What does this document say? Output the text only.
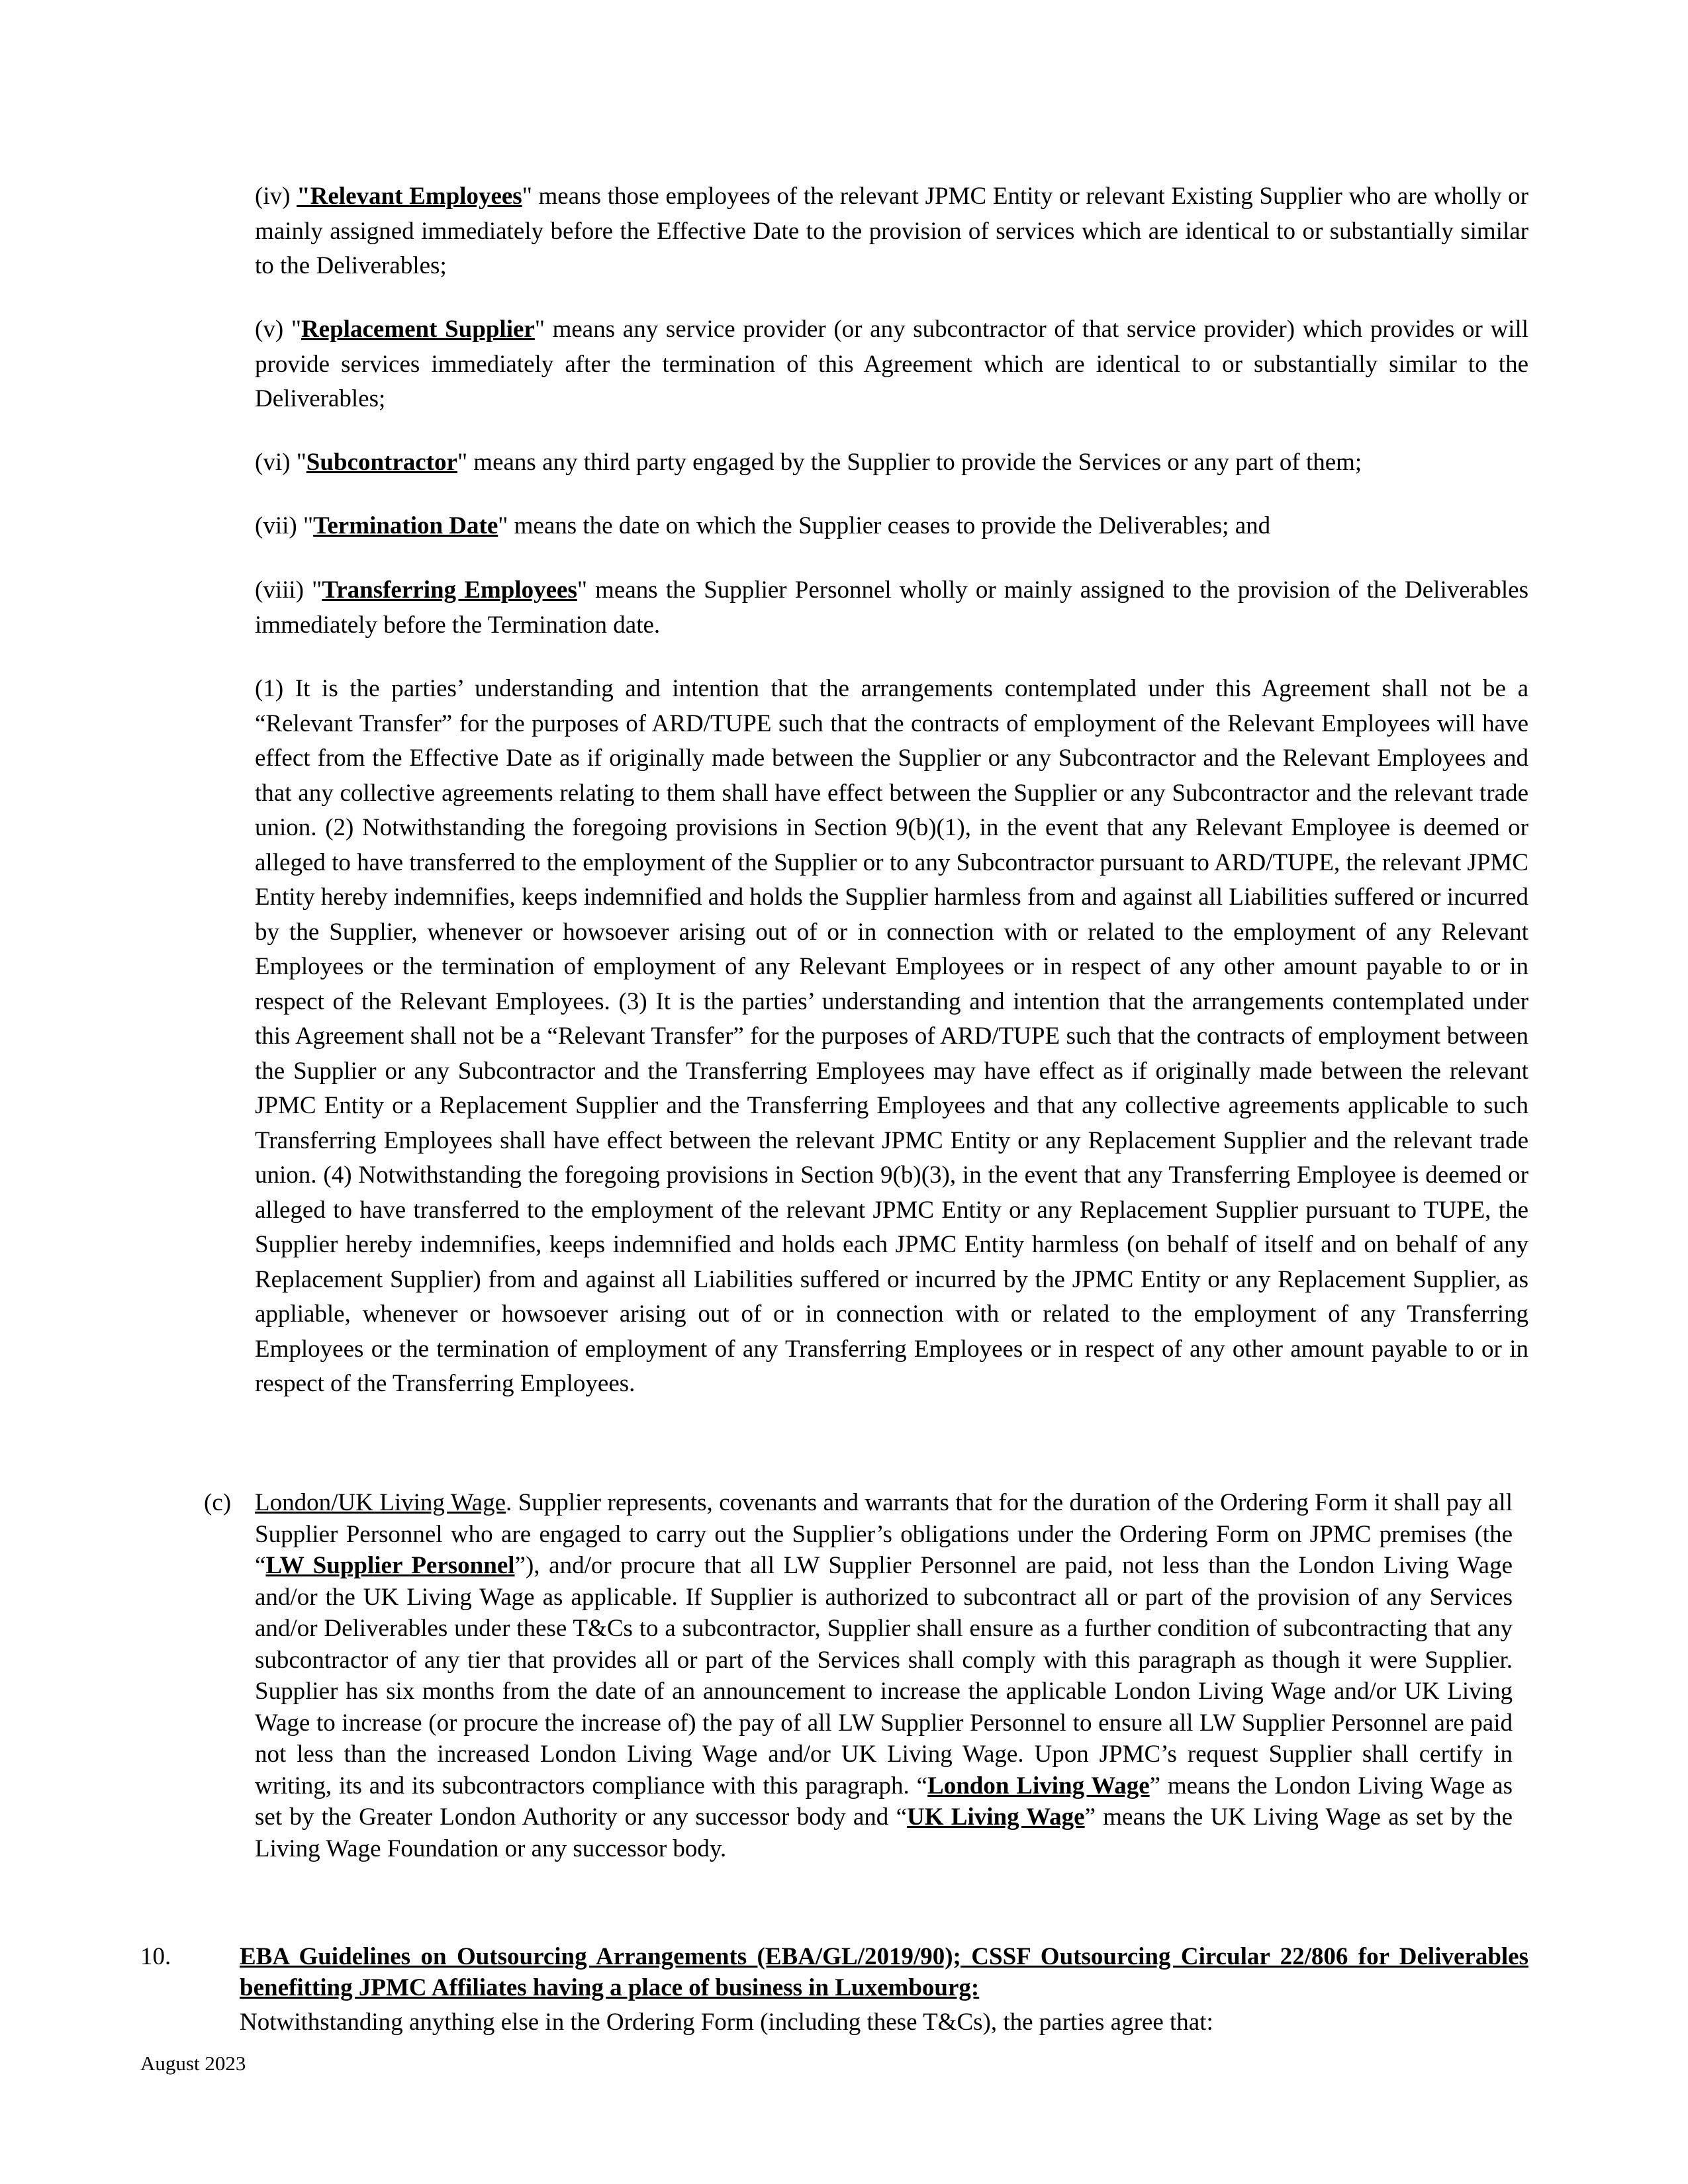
(iv) "Relevant Employees" means those employees of the relevant JPMC Entity or relevant Existing Supplier who are wholly or mainly assigned immediately before the Effective Date to the provision of services which are identical to or substantially similar to the Deliverables;

(v) "Replacement Supplier" means any service provider (or any subcontractor of that service provider) which provides or will provide services immediately after the termination of this Agreement which are identical to or substantially similar to the Deliverables;

(vi) "Subcontractor" means any third party engaged by the Supplier to provide the Services or any part of them;

(vii) "Termination Date" means the date on which the Supplier ceases to provide the Deliverables; and

(viii) "Transferring Employees" means the Supplier Personnel wholly or mainly assigned to the provision of the Deliverables immediately before the Termination date.

(1) It is the parties’ understanding and intention that the arrangements contemplated under this Agreement shall not be a “Relevant Transfer” for the purposes of ARD/TUPE such that the contracts of employment of the Relevant Employees will have effect from the Effective Date as if originally made between the Supplier or any Subcontractor and the Relevant Employees and that any collective agreements relating to them shall have effect between the Supplier or any Subcontractor and the relevant trade union. (2) Notwithstanding the foregoing provisions in Section 9(b)(1), in the event that any Relevant Employee is deemed or alleged to have transferred to the employment of the Supplier or to any Subcontractor pursuant to ARD/TUPE, the relevant JPMC Entity hereby indemnifies, keeps indemnified and holds the Supplier harmless from and against all Liabilities suffered or incurred by the Supplier, whenever or howsoever arising out of or in connection with or related to the employment of any Relevant Employees or the termination of employment of any Relevant Employees or in respect of any other amount payable to or in respect of the Relevant Employees. (3) It is the parties’ understanding and intention that the arrangements contemplated under this Agreement shall not be a “Relevant Transfer” for the purposes of ARD/TUPE such that the contracts of employment between the Supplier or any Subcontractor and the Transferring Employees may have effect as if originally made between the relevant JPMC Entity or a Replacement Supplier and the Transferring Employees and that any collective agreements applicable to such Transferring Employees shall have effect between the relevant JPMC Entity or any Replacement Supplier and the relevant trade union. (4) Notwithstanding the foregoing provisions in Section 9(b)(3), in the event that any Transferring Employee is deemed or alleged to have transferred to the employment of the relevant JPMC Entity or any Replacement Supplier pursuant to TUPE, the Supplier hereby indemnifies, keeps indemnified and holds each JPMC Entity harmless (on behalf of itself and on behalf of any Replacement Supplier) from and against all Liabilities suffered or incurred by the JPMC Entity or any Replacement Supplier, as appliable, whenever or howsoever arising out of or in connection with or related to the employment of any Transferring Employees or the termination of employment of any Transferring Employees or in respect of any other amount payable to or in respect of the Transferring Employees.

(c) London/UK Living Wage. Supplier represents, covenants and warrants that for the duration of the Ordering Form it shall pay all Supplier Personnel who are engaged to carry out the Supplier’s obligations under the Ordering Form on JPMC premises (the “LW Supplier Personnel”), and/or procure that all LW Supplier Personnel are paid, not less than the London Living Wage and/or the UK Living Wage as applicable. If Supplier is authorized to subcontract all or part of the provision of any Services and/or Deliverables under these T&Cs to a subcontractor, Supplier shall ensure as a further condition of subcontracting that any subcontractor of any tier that provides all or part of the Services shall comply with this paragraph as though it were Supplier. Supplier has six months from the date of an announcement to increase the applicable London Living Wage and/or UK Living Wage to increase (or procure the increase of) the pay of all LW Supplier Personnel to ensure all LW Supplier Personnel are paid not less than the increased London Living Wage and/or UK Living Wage. Upon JPMC’s request Supplier shall certify in writing, its and its subcontractors compliance with this paragraph. “London Living Wage” means the London Living Wage as set by the Greater London Authority or any successor body and “UK Living Wage” means the UK Living Wage as set by the Living Wage Foundation or any successor body.

10.	EBA Guidelines on Outsourcing Arrangements (EBA/GL/2019/90); CSSF Outsourcing Circular 22/806 for Deliverables benefitting JPMC Affiliates having a place of business in Luxembourg:

Notwithstanding anything else in the Ordering Form (including these T&Cs), the parties agree that:

August 2023
